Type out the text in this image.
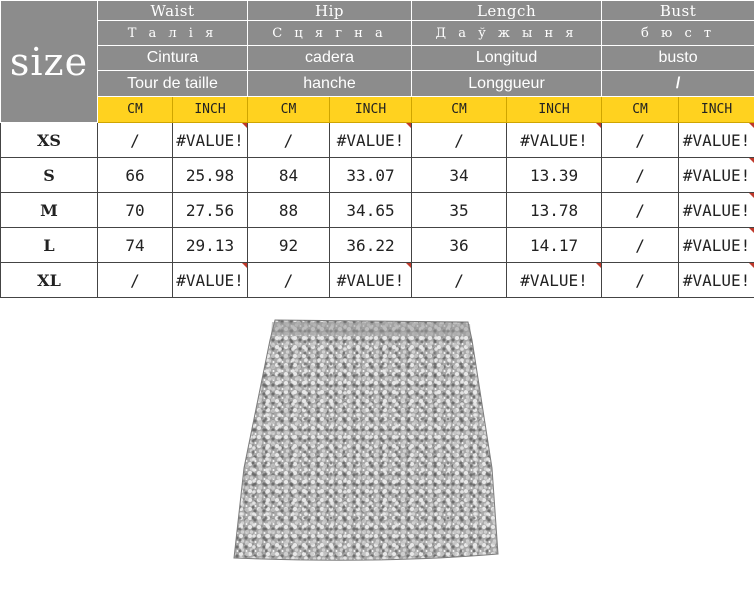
size	Waist		Hip		Lengch		Bust	
	Т а л і я		С ц я г н а		Д а ў ж ы н я		б ю с т	
	Cintura		cadera		Longitud		busto	
	Tour de taille		hanche		Longgueur		/	
	CM	INCH	CM	INCH	CM	INCH	CM	INCH
XS	/	#VALUE!	/	#VALUE!	/	#VALUE!	/	#VALUE!
S	66	25.98	84	33.07	34	13.39	/	#VALUE!
M	70	27.56	88	34.65	35	13.78	/	#VALUE!
L	74	29.13	92	36.22	36	14.17	/	#VALUE!
XL	/	#VALUE!	/	#VALUE!	/	#VALUE!	/	#VALUE!
